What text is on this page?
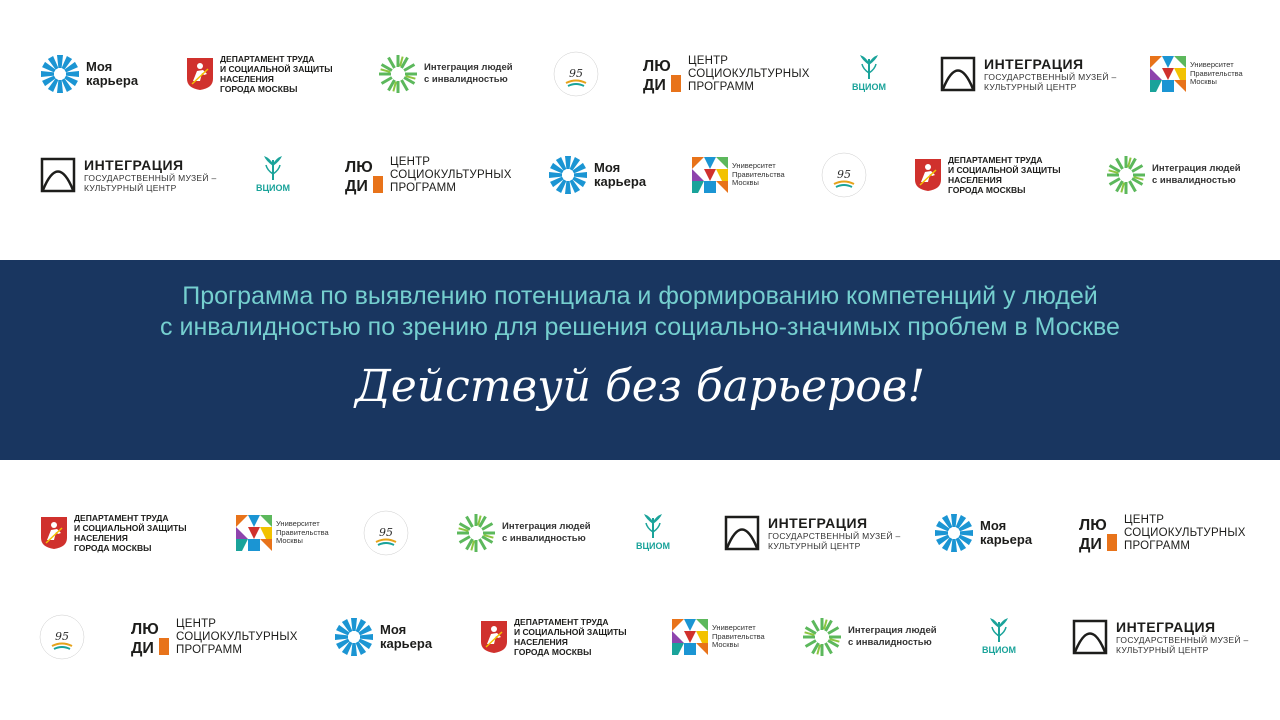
Моя
карьера
ДЕПАРТАМЕНТ ТРУДА
И СОЦИАЛЬНОЙ ЗАЩИТЫ
НАСЕЛЕНИЯ
ГОРОДА МОСКВЫ
Интеграция людей
с инвалидностью	95	ЛЮ
ДИ
ЦЕНТР
СОЦИОКУЛЬТУРНЫХ
ПРОГРАММ	ВЦИОМ
ИНТЕГРАЦИЯ
ГОСУДАРСТВЕННЫЙ МУЗЕЙ –
КУЛЬТУРНЫЙ ЦЕНТР
Университет
Правительства
Москвы
ИНТЕГРАЦИЯ
ГОСУДАРСТВЕННЫЙ МУЗЕЙ –
КУЛЬТУРНЫЙ ЦЕНТР	ВЦИОМ
ЛЮ
ДИ
ЦЕНТР
СОЦИОКУЛЬТУРНЫХ
ПРОГРАММ
Моя
карьера
Университет
Правительства
Москвы
95
ДЕПАРТАМЕНТ ТРУДА
И СОЦИАЛЬНОЙ ЗАЩИТЫ
НАСЕЛЕНИЯ
ГОРОДА МОСКВЫ
Интеграция людей
с инвалидностью
Программа по выявлению потенциала и формированию компетенций у людей
с инвалидностью по зрению для решения социально-значимых проблем в Москве
Действуй без барьеров!
ДЕПАРТАМЕНТ ТРУДА
И СОЦИАЛЬНОЙ ЗАЩИТЫ
НАСЕЛЕНИЯ
ГОРОДА МОСКВЫ
Университет
Правительства
Москвы
95	Интеграция людей
с инвалидностью
ВЦИОМ
ИНТЕГРАЦИЯ
ГОСУДАРСТВЕННЫЙ МУЗЕЙ –
КУЛЬТУРНЫЙ ЦЕНТР
Моя
карьера
ЛЮ
ДИ
ЦЕНТР
СОЦИОКУЛЬТУРНЫХ
ПРОГРАММ
95	ЛЮ
ДИ
ЦЕНТР
СОЦИОКУЛЬТУРНЫХ
ПРОГРАММ
Моя
карьера
ДЕПАРТАМЕНТ ТРУДА
И СОЦИАЛЬНОЙ ЗАЩИТЫ
НАСЕЛЕНИЯ
ГОРОДА МОСКВЫ
Университет
Правительства
Москвы
Интеграция людей
с инвалидностью
ВЦИОМ
ИНТЕГРАЦИЯ
ГОСУДАРСТВЕННЫЙ МУЗЕЙ –
КУЛЬТУРНЫЙ ЦЕНТР
